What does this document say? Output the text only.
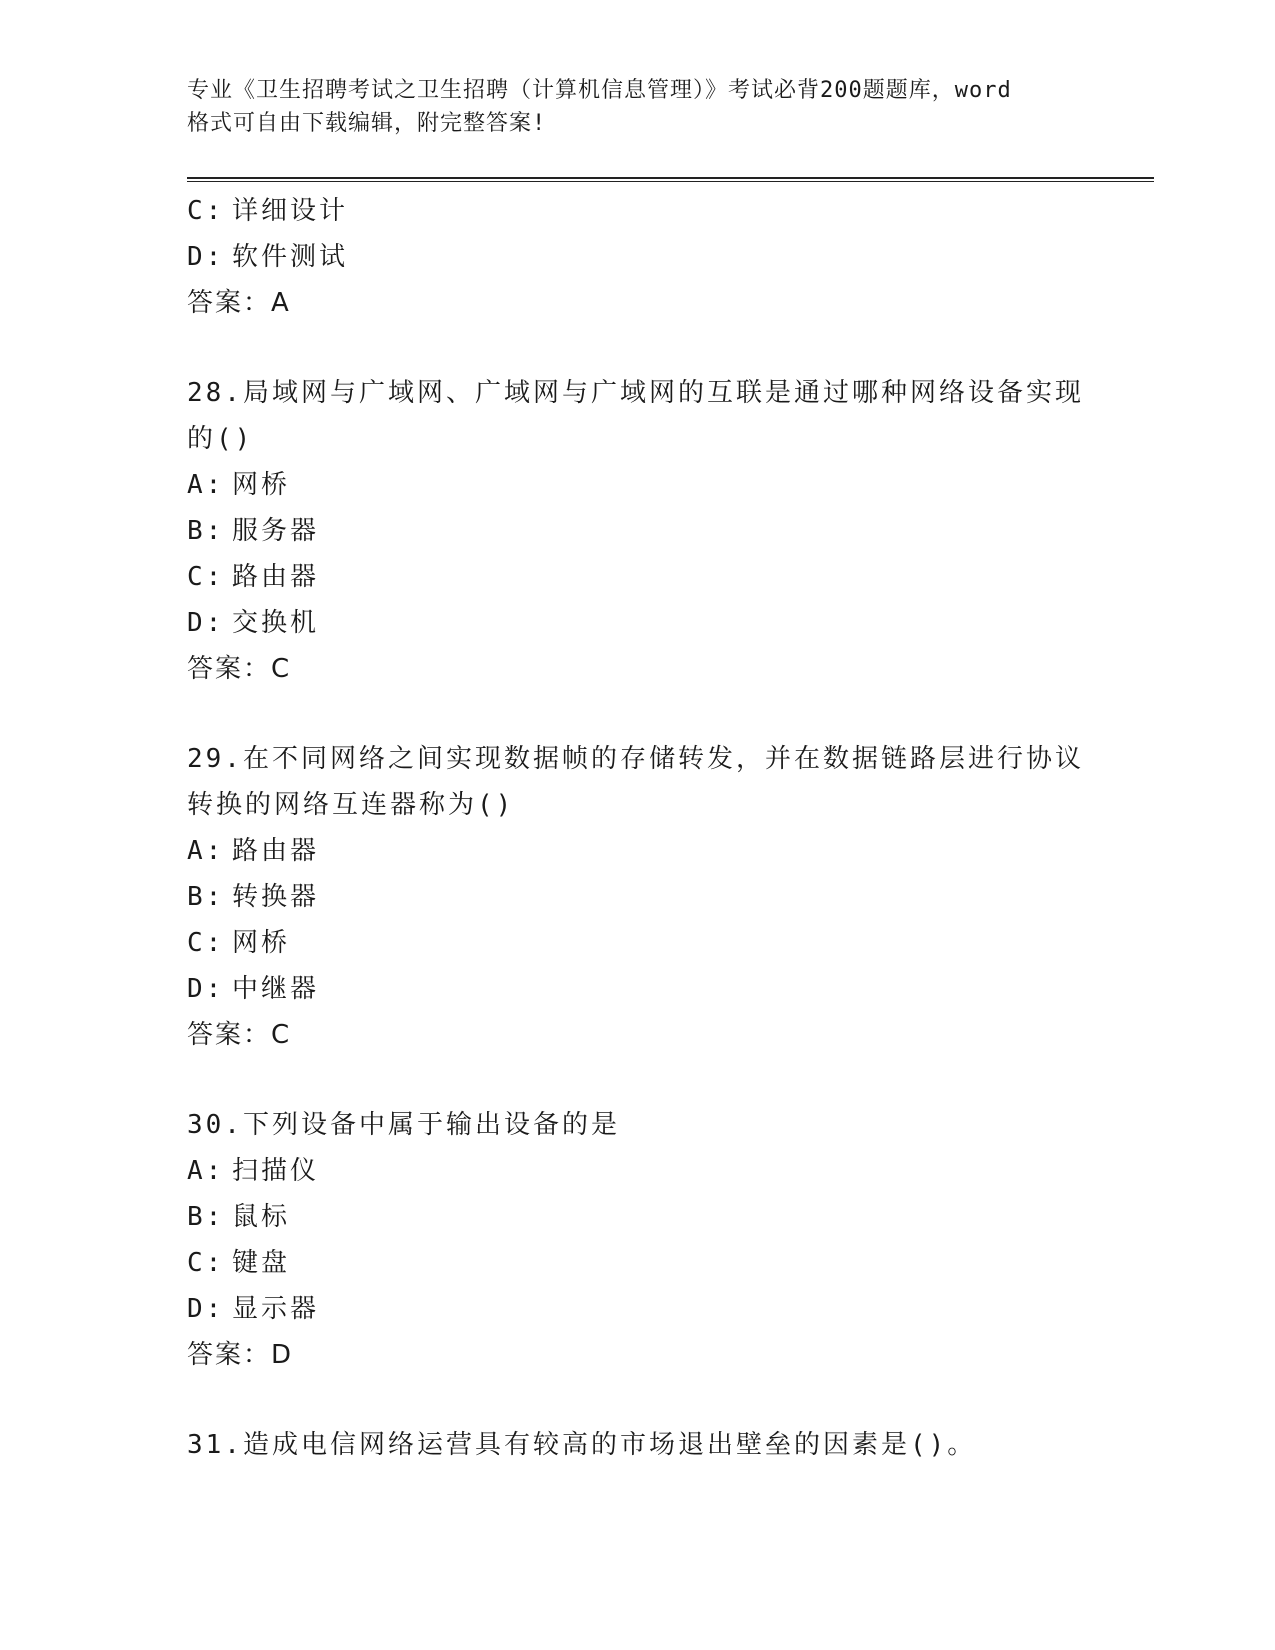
专业《卫生招聘考试之卫生招聘（计算机信息管理）》考试必背200题题库，word
格式可自由下载编辑，附完整答案!
C: 详细设计
D: 软件测试
答案：A
28.局域网与广域网、广域网与广域网的互联是通过哪种网络设备实现
的()
A: 网桥
B: 服务器
C: 路由器
D: 交换机
答案：C
29.在不同网络之间实现数据帧的存储转发，并在数据链路层进行协议
转换的网络互连器称为()
A: 路由器
B: 转换器
C: 网桥
D: 中继器
答案：C
30.下列设备中属于输出设备的是
A: 扫描仪
B: 鼠标
C: 键盘
D: 显示器
答案：D
31.造成电信网络运营具有较高的市场退出壁垒的因素是()。
